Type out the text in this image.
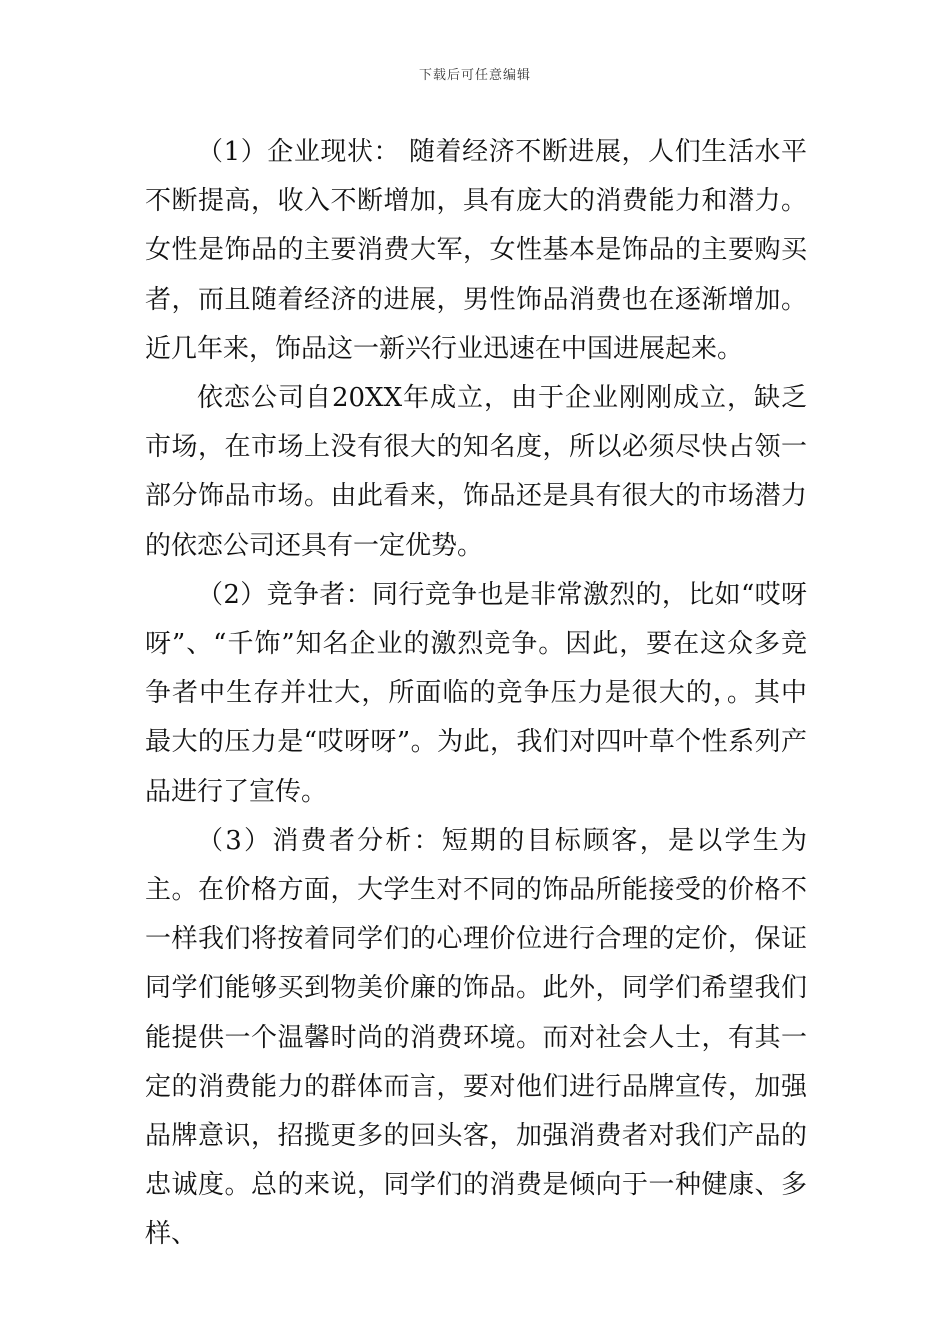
下载后可任意编辑

（1）企业现状： 随着经济不断进展，人们生活水平不断提高，收入不断增加，具有庞大的消费能力和潜力。女性是饰品的主要消费大军，女性基本是饰品的主要购买者，而且随着经济的进展，男性饰品消费也在逐渐增加。近几年来，饰品这一新兴行业迅速在中国进展起来。

依恋公司自20XX年成立，由于企业刚刚成立，缺乏市场，在市场上没有很大的知名度，所以必须尽快占领一部分饰品市场。由此看来，饰品还是具有很大的市场潜力的依恋公司还具有一定优势。

（2）竞争者：同行竞争也是非常激烈的，比如“哎呀呀”、“千饰”知名企业的激烈竞争。因此，要在这众多竞争者中生存并壮大，所面临的竞争压力是很大的，。其中最大的压力是“哎呀呀”。为此，我们对四叶草个性系列产品进行了宣传。

（3）消费者分析：短期的目标顾客，是以学生为主。在价格方面，大学生对不同的饰品所能接受的价格不一样我们将按着同学们的心理价位进行合理的定价，保证同学们能够买到物美价廉的饰品。此外，同学们希望我们能提供一个温馨时尚的消费环境。而对社会人士，有其一定的消费能力的群体而言，要对他们进行品牌宣传，加强品牌意识，招揽更多的回头客，加强消费者对我们产品的忠诚度。总的来说，同学们的消费是倾向于一种健康、多样、
